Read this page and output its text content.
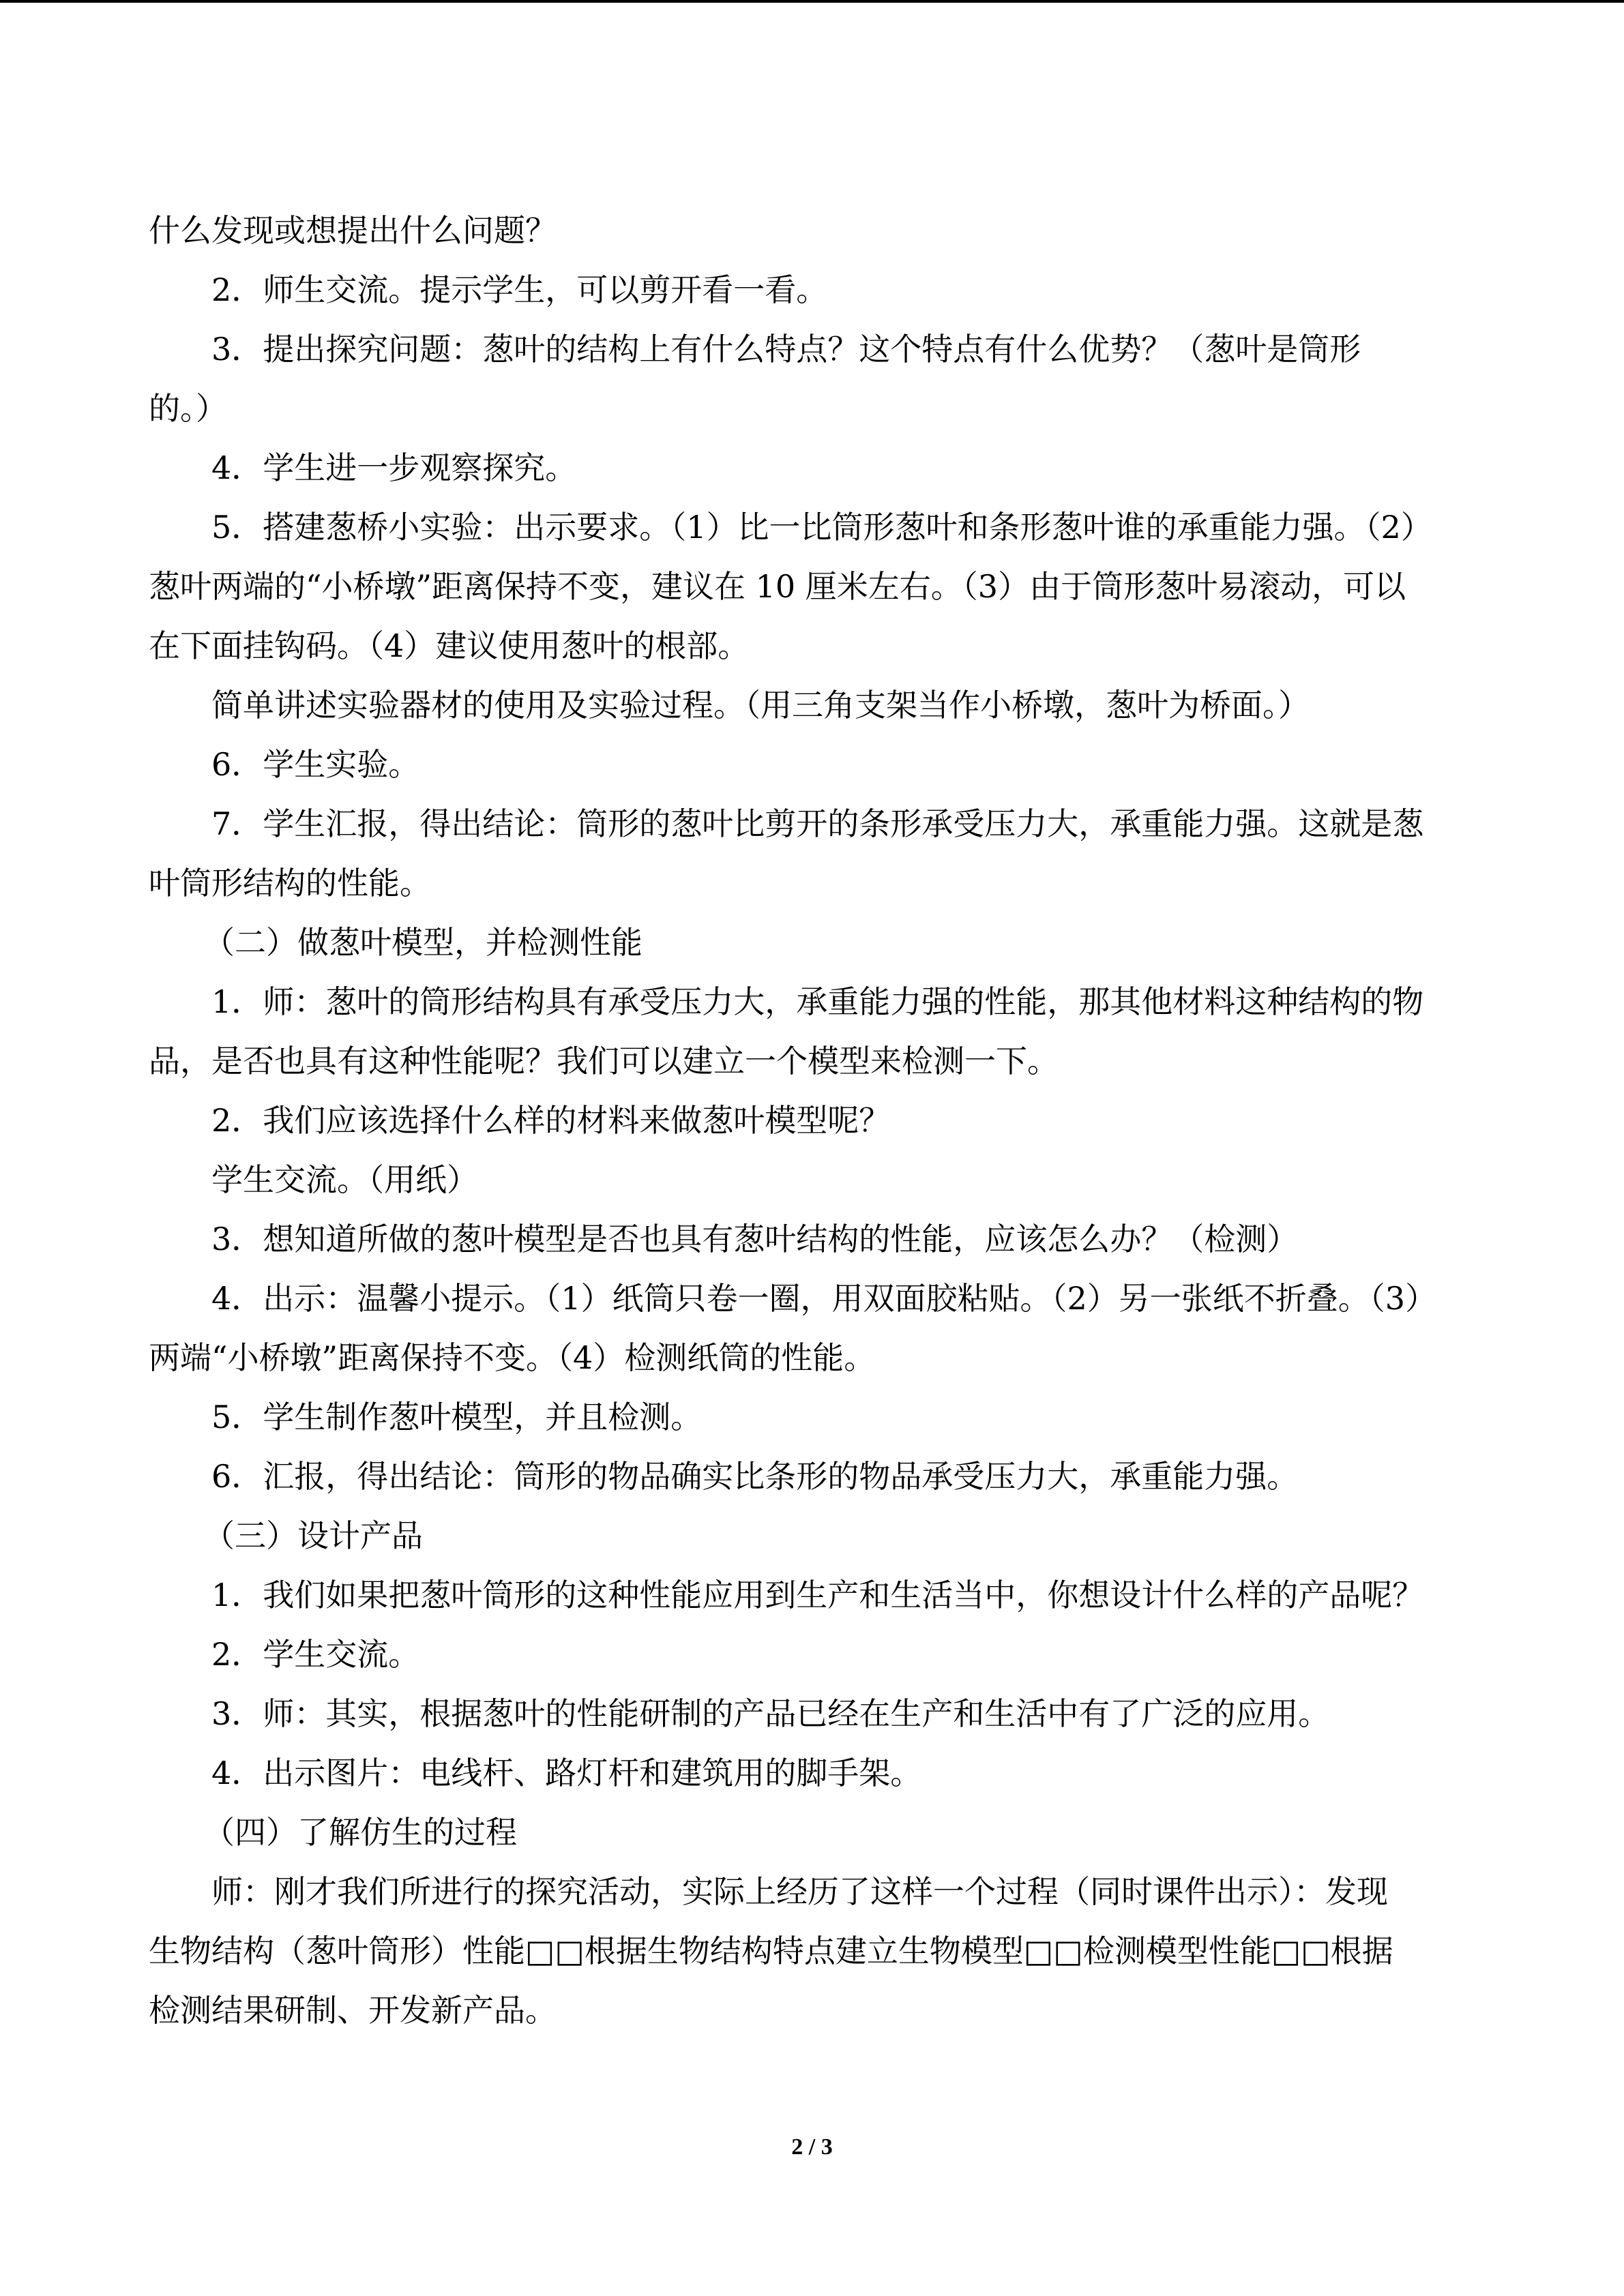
什么发现或想提出什么问题？
2．师生交流。提示学生，可以剪开看一看。
3．提出探究问题：葱叶的结构上有什么特点？这个特点有什么优势？（葱叶是筒形
的。）
4．学生进一步观察探究。
5．搭建葱桥小实验：出示要求。（1）比一比筒形葱叶和条形葱叶谁的承重能力强。（2）
葱叶两端的“小桥墩”距离保持不变，建议在 10 厘米左右。（3）由于筒形葱叶易滚动，可以
在下面挂钩码。（4）建议使用葱叶的根部。
简单讲述实验器材的使用及实验过程。（用三角支架当作小桥墩，葱叶为桥面。）
6．学生实验。
7．学生汇报，得出结论：筒形的葱叶比剪开的条形承受压力大，承重能力强。这就是葱
叶筒形结构的性能。
（二）做葱叶模型，并检测性能
1．师：葱叶的筒形结构具有承受压力大，承重能力强的性能，那其他材料这种结构的物
品，是否也具有这种性能呢？我们可以建立一个模型来检测一下。
2．我们应该选择什么样的材料来做葱叶模型呢？
学生交流。（用纸）
3．想知道所做的葱叶模型是否也具有葱叶结构的性能，应该怎么办？（检测）
4．出示：温馨小提示。（1）纸筒只卷一圈，用双面胶粘贴。（2）另一张纸不折叠。（3）
两端“小桥墩”距离保持不变。（4）检测纸筒的性能。
5．学生制作葱叶模型，并且检测。
6．汇报，得出结论：筒形的物品确实比条形的物品承受压力大，承重能力强。
（三）设计产品
1．我们如果把葱叶筒形的这种性能应用到生产和生活当中，你想设计什么样的产品呢？
2．学生交流。
3．师：其实，根据葱叶的性能研制的产品已经在生产和生活中有了广泛的应用。
4．出示图片：电线杆、路灯杆和建筑用的脚手架。
（四）了解仿生的过程
师：刚才我们所进行的探究活动，实际上经历了这样一个过程（同时课件出示）：发现
生物结构（葱叶筒形）性能□□根据生物结构特点建立生物模型□□检测模型性能□□根据
检测结果研制、开发新产品。
2 / 3
